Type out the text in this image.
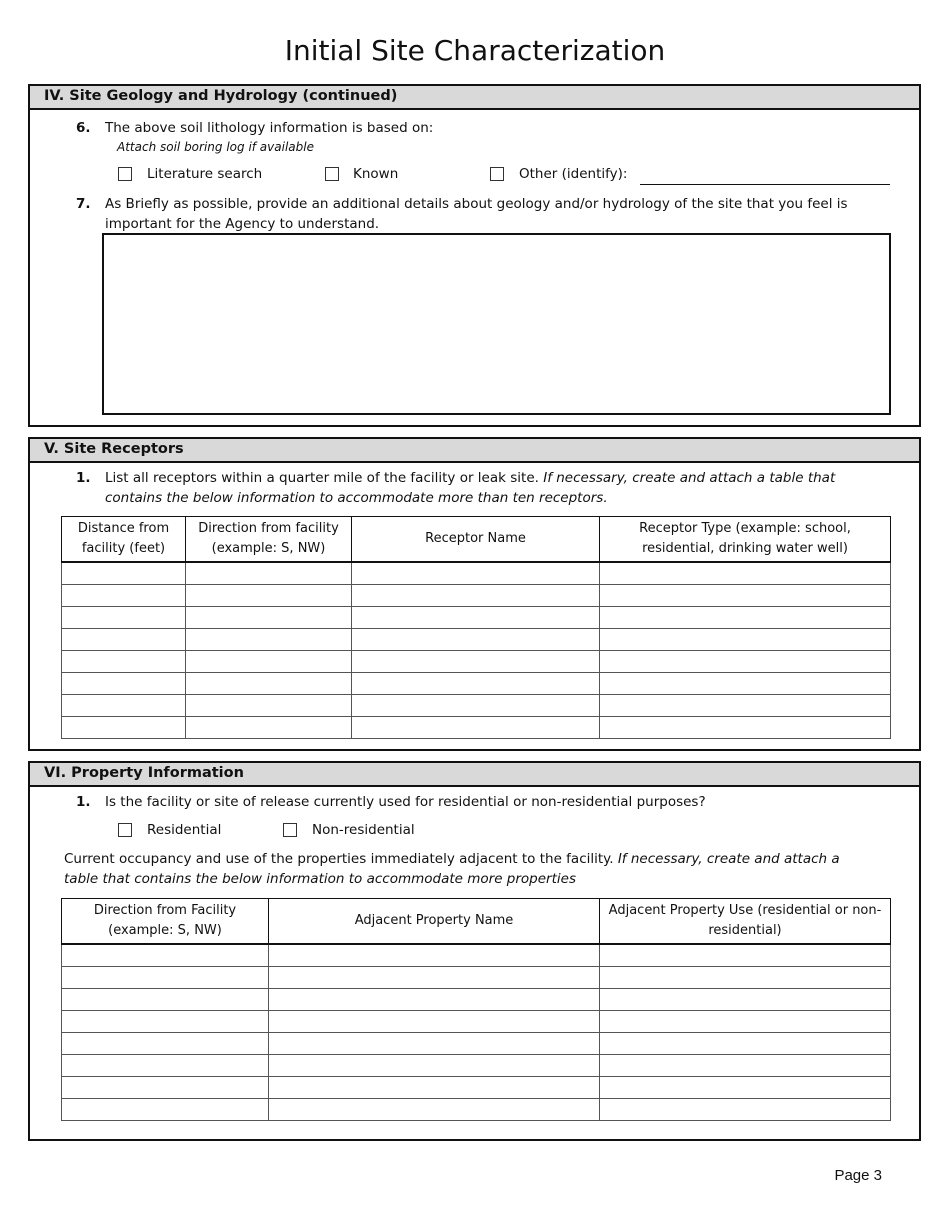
Initial Site Characterization
IV. Site Geology and Hydrology (continued)
6. The above soil lithology information is based on:
Attach soil boring log if available
Literature search	Known	Other (identify):
7. As Briefly as possible, provide an additional details about geology and/or hydrology of the site that you feel is important for the Agency to understand.
V. Site Receptors
1. List all receptors within a quarter mile of the facility or leak site. If necessary, create and attach a table that contains the below information to accommodate more than ten receptors.
Distance from facility (feet)	Direction from facility (example: S, NW)	Receptor Name	Receptor Type (example: school, residential, drinking water well)

VI. Property Information
1. Is the facility or site of release currently used for residential or non-residential purposes?
Residential	Non-residential
Current occupancy and use of the properties immediately adjacent to the facility. If necessary, create and attach a table that contains the below information to accommodate more properties
Direction from Facility (example: S, NW)	Adjacent Property Name	Adjacent Property Use (residential or non-residential)

Page 3
